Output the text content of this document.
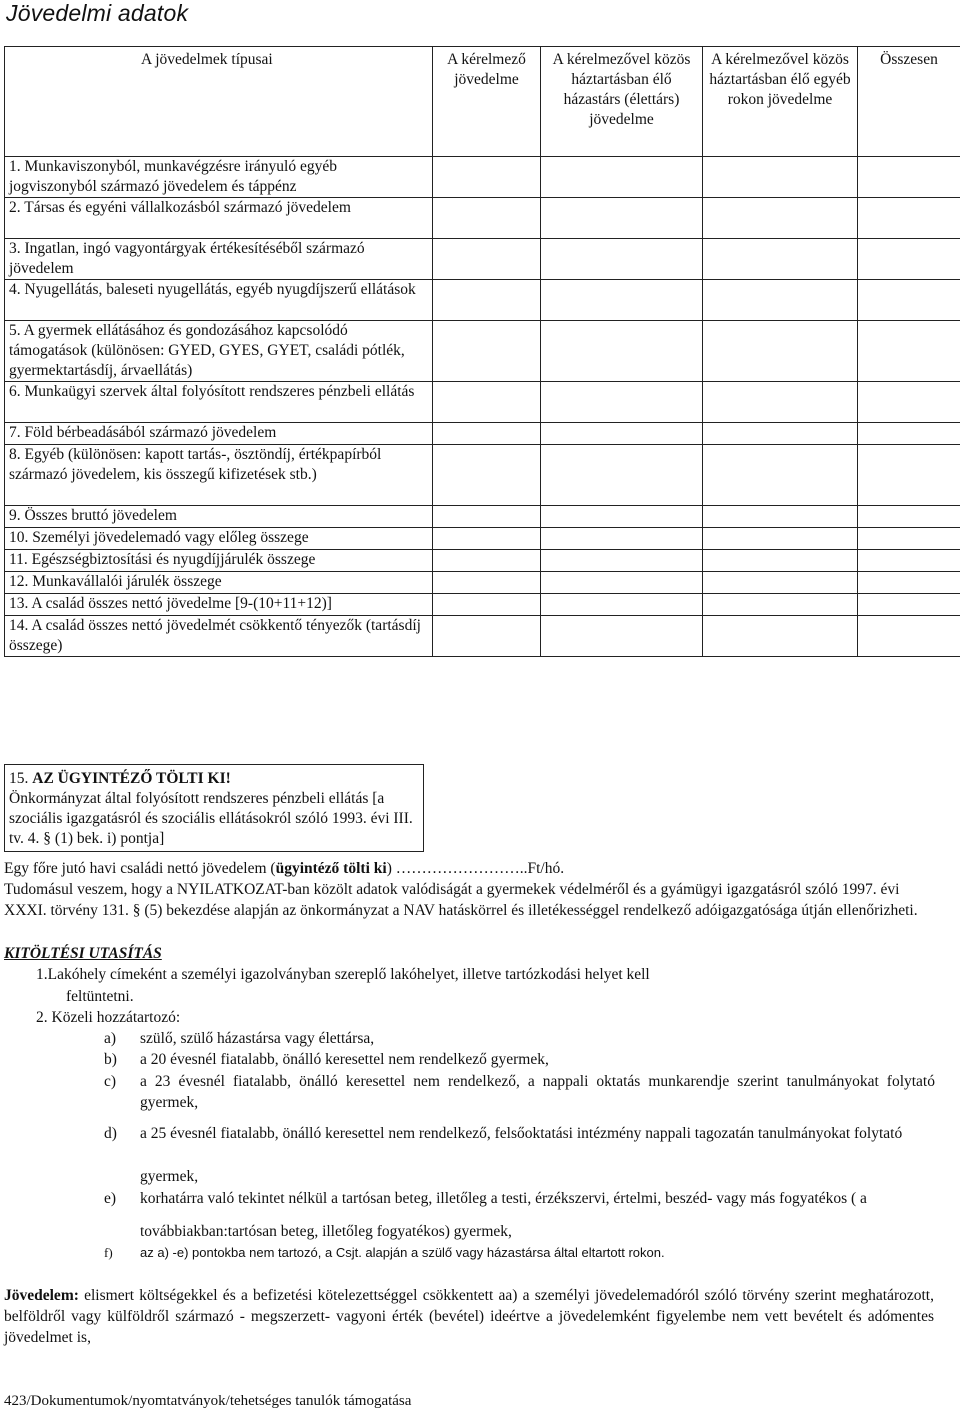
Jövedelmi adatok
A jövedelmek típusai	A kérelmező jövedelme	A kérelmezővel közös háztartásban élő házastárs (élettárs) jövedelme	A kérelmezővel közös háztartásban élő egyéb rokon jövedelme	Összesen
1. Munkaviszonyból, munkavégzésre irányuló egyéb jogviszonyból származó jövedelem és táppénz				
2. Társas és egyéni vállalkozásból származó jövedelem				
3. Ingatlan, ingó vagyontárgyak értékesítéséből származó jövedelem				
4. Nyugellátás, baleseti nyugellátás, egyéb nyugdíjszerű ellátások				
5. A gyermek ellátásához és gondozásához kapcsolódó támogatások (különösen: GYED, GYES, GYET, családi pótlék, gyermektartásdíj, árvaellátás)				
6. Munkaügyi szervek által folyósított rendszeres pénzbeli ellátás				
7. Föld bérbeadásából származó jövedelem				
8. Egyéb (különösen: kapott tartás-, ösztöndíj, értékpapírból származó jövedelem, kis összegű kifizetések stb.)				
9. Összes bruttó jövedelem				
10. Személyi jövedelemadó vagy előleg összege				
11. Egészségbiztosítási és nyugdíjjárulék összege				
12. Munkavállalói járulék összege				
13. A család összes nettó jövedelme [9-(10+11+12)]				
14. A család összes nettó jövedelmét csökkentő tényezők (tartásdíj összege)				
15. AZ ÜGYINTÉZŐ TÖLTI KI!
Önkormányzat által folyósított rendszeres pénzbeli ellátás [a szociális igazgatásról és szociális ellátásokról szóló 1993. évi III. tv. 4. § (1) bek. i) pontja]
Egy főre jutó havi családi nettó jövedelem (ügyintéző tölti ki) ……………………..Ft/hó.
Tudomásul veszem, hogy a NYILATKOZAT-ban közölt adatok valódiságát a gyermekek védelméről és a gyámügyi igazgatásról szóló 1997. évi XXXI. törvény 131. § (5) bekezdése alapján az önkormányzat a NAV hatáskörrel és illetékességgel rendelkező adóigazgatósága útján ellenőrizheti.
KITÖLTÉSI UTASÍTÁS
1.Lakóhely címeként a személyi igazolványban szereplő lakóhelyet, illetve tartózkodási helyet kell
feltüntetni.
2. Közeli hozzátartozó:
a) szülő, szülő házastársa vagy élettársa,
b) a 20 évesnél fiatalabb, önálló keresettel nem rendelkező gyermek,
c) a 23 évesnél fiatalabb, önálló keresettel nem rendelkező, a nappali oktatás munkarendje szerint tanulmányokat folytató gyermek,
d) a 25 évesnél fiatalabb, önálló keresettel nem rendelkező, felsőoktatási intézmény nappali tagozatán tanulmányokat folytató
gyermek,
e) korhatárra való tekintet nélkül a tartósan beteg, illetőleg a testi, érzékszervi, értelmi, beszéd- vagy más fogyatékos ( a
továbbiakban:tartósan beteg, illetőleg fogyatékos) gyermek,
f) az a) -e) pontokba nem tartozó, a Csjt. alapján a szülő vagy házastársa által eltartott rokon.
Jövedelem: elismert költségekkel és a befizetési kötelezettséggel csökkentett aa) a személyi jövedelemadóról szóló törvény szerint meghatározott, belföldről vagy külföldről származó - megszerzett- vagyoni érték (bevétel) ideértve a jövedelemként figyelembe nem vett bevételt és adómentes jövedelmet is,
423/Dokumentumok/nyomtatványok/tehetséges tanulók támogatása
